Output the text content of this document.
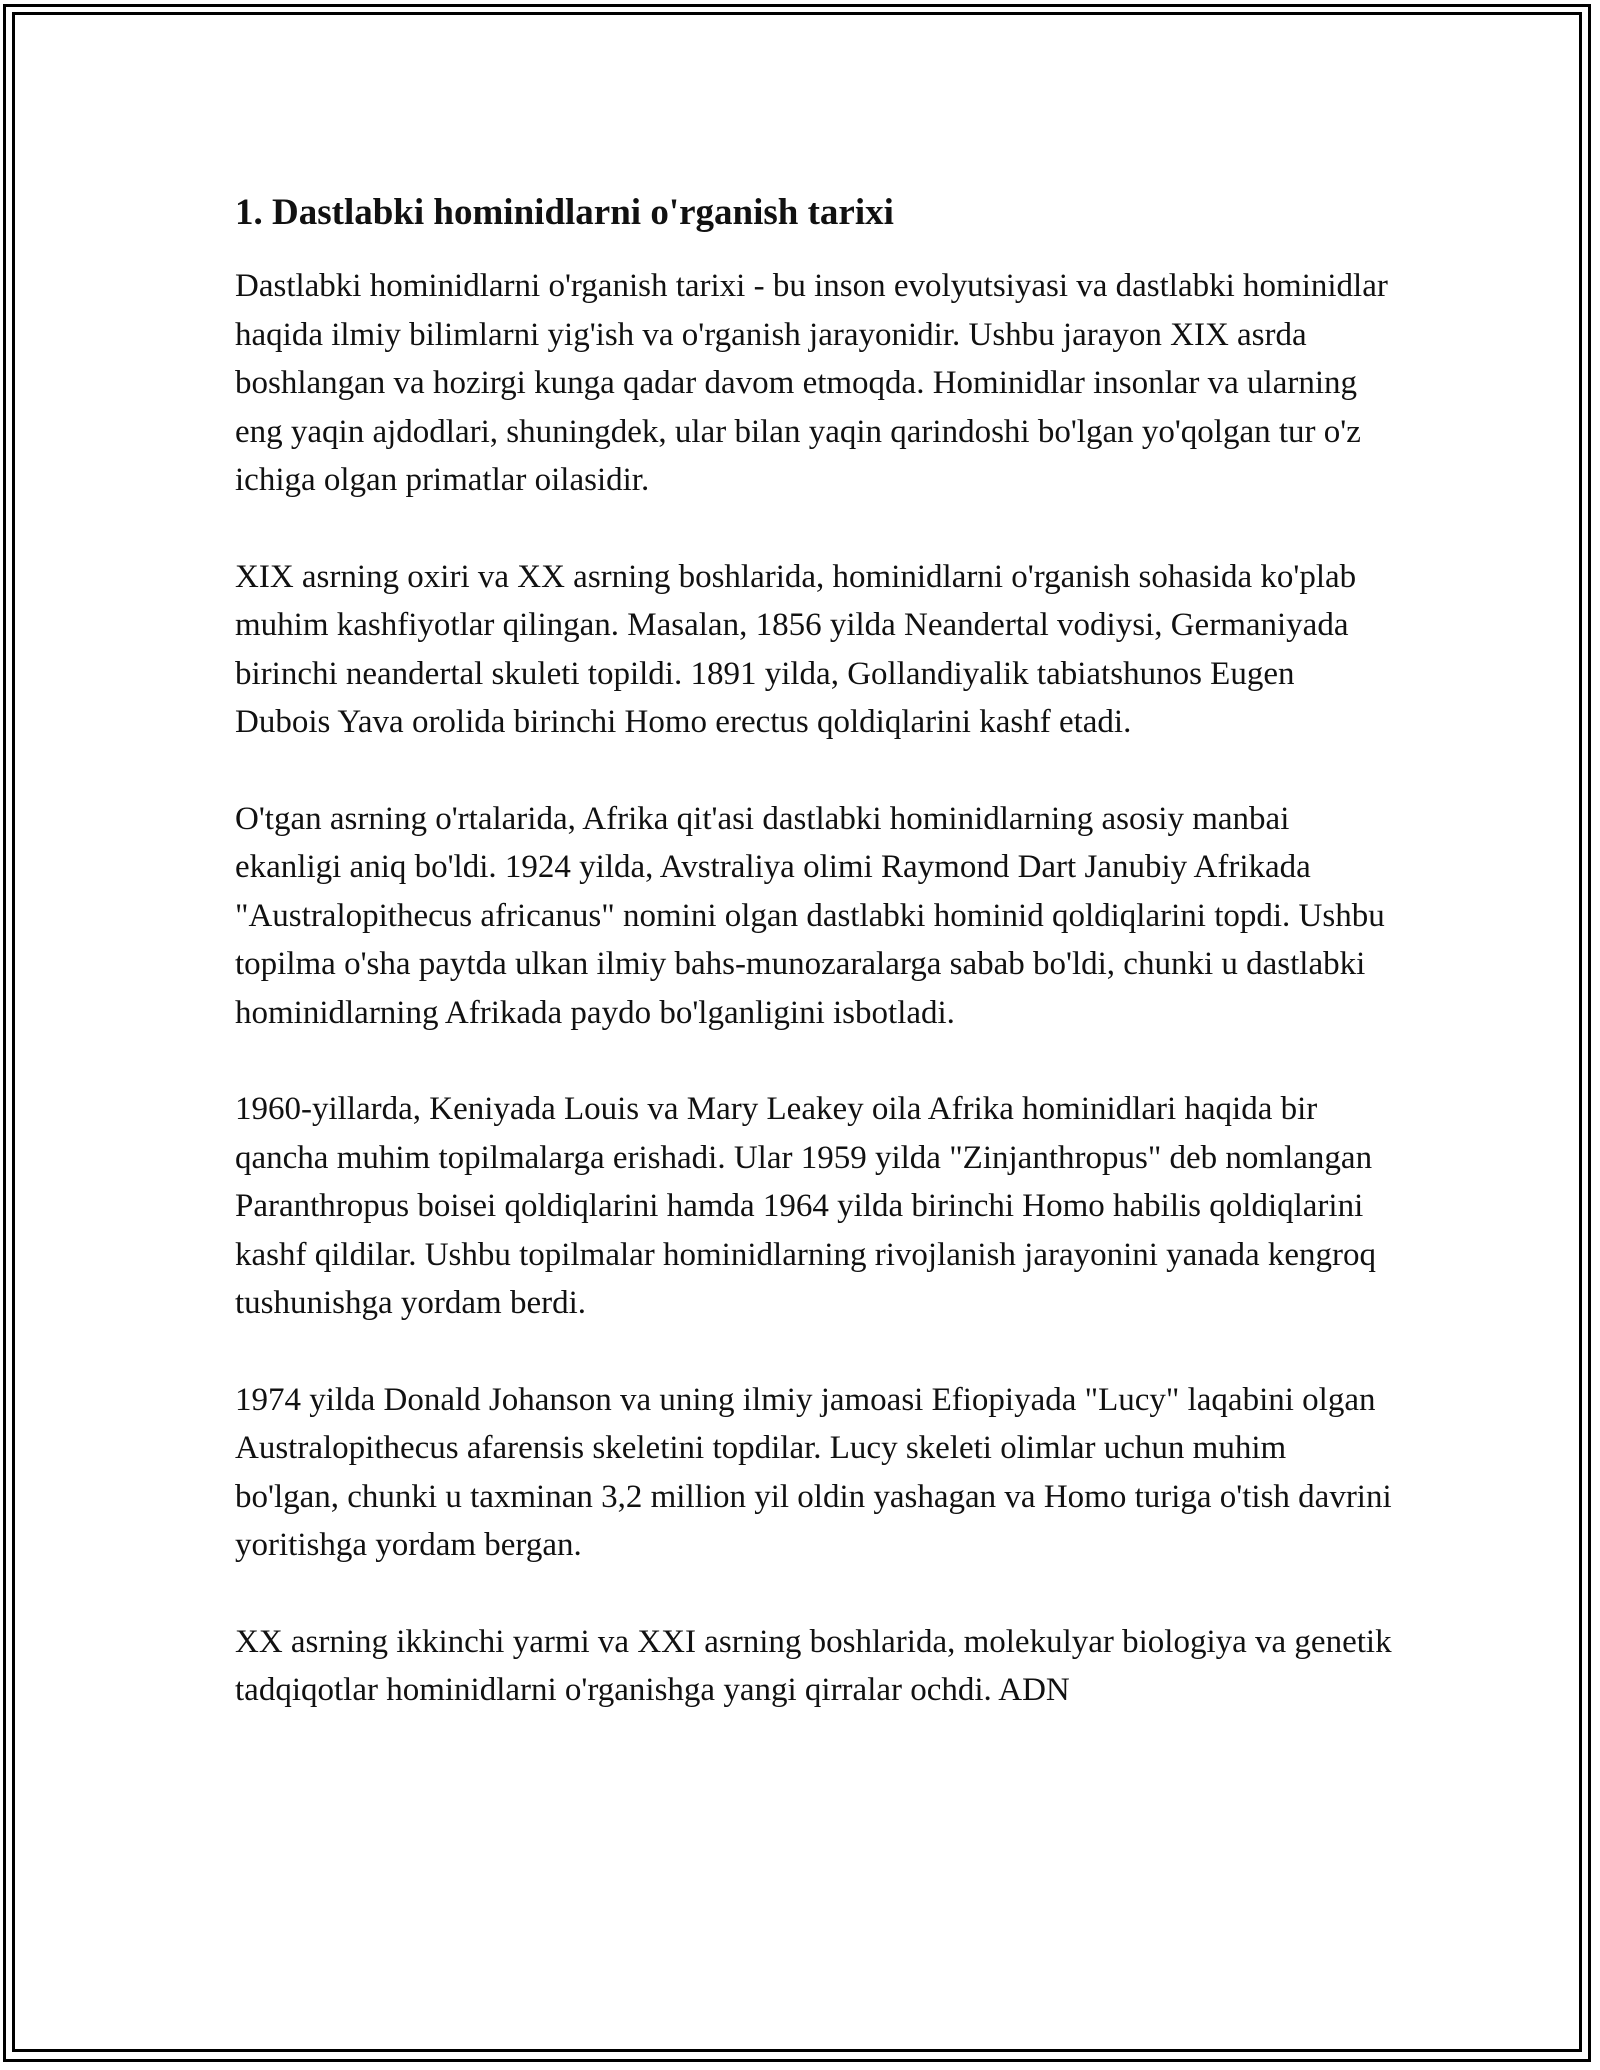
1. Dastlabki hominidlarni o'rganish tarixi

Dastlabki hominidlarni o'rganish tarixi - bu inson evolyutsiyasi va dastlabki hominidlar haqida ilmiy bilimlarni yig'ish va o'rganish jarayonidir. Ushbu jarayon XIX asrda boshlangan va hozirgi kunga qadar davom etmoqda. Hominidlar insonlar va ularning eng yaqin ajdodlari, shuningdek, ular bilan yaqin qarindoshi bo'lgan yo'qolgan tur o'z ichiga olgan primatlar oilasidir.

XIX asrning oxiri va XX asrning boshlarida, hominidlarni o'rganish sohasida ko'plab muhim kashfiyotlar qilingan. Masalan, 1856 yilda Neandertal vodiysi, Germaniyada birinchi neandertal skuleti topildi. 1891 yilda, Gollandiyalik tabiatshunos Eugen Dubois Yava orolida birinchi Homo erectus qoldiqlarini kashf etadi.

O'tgan asrning o'rtalarida, Afrika qit'asi dastlabki hominidlarning asosiy manbai ekanligi aniq bo'ldi. 1924 yilda, Avstraliya olimi Raymond Dart Janubiy Afrikada "Australopithecus africanus" nomini olgan dastlabki hominid qoldiqlarini topdi. Ushbu topilma o'sha paytda ulkan ilmiy bahs-munozaralarga sabab bo'ldi, chunki u dastlabki hominidlarning Afrikada paydo bo'lganligini isbotladi.

1960-yillarda, Keniyada Louis va Mary Leakey oila Afrika hominidlari haqida bir qancha muhim topilmalarga erishadi. Ular 1959 yilda "Zinjanthropus" deb nomlangan Paranthropus boisei qoldiqlarini hamda 1964 yilda birinchi Homo habilis qoldiqlarini kashf qildilar. Ushbu topilmalar hominidlarning rivojlanish jarayonini yanada kengroq tushunishga yordam berdi.

1974 yilda Donald Johanson va uning ilmiy jamoasi Efiopiyada "Lucy" laqabini olgan Australopithecus afarensis skeletini topdilar. Lucy skeleti olimlar uchun muhim bo'lgan, chunki u taxminan 3,2 million yil oldin yashagan va Homo turiga o'tish davrini yoritishga yordam bergan.

XX asrning ikkinchi yarmi va XXI asrning boshlarida, molekulyar biologiya va genetik tadqiqotlar hominidlarni o'rganishga yangi qirralar ochdi. ADN
